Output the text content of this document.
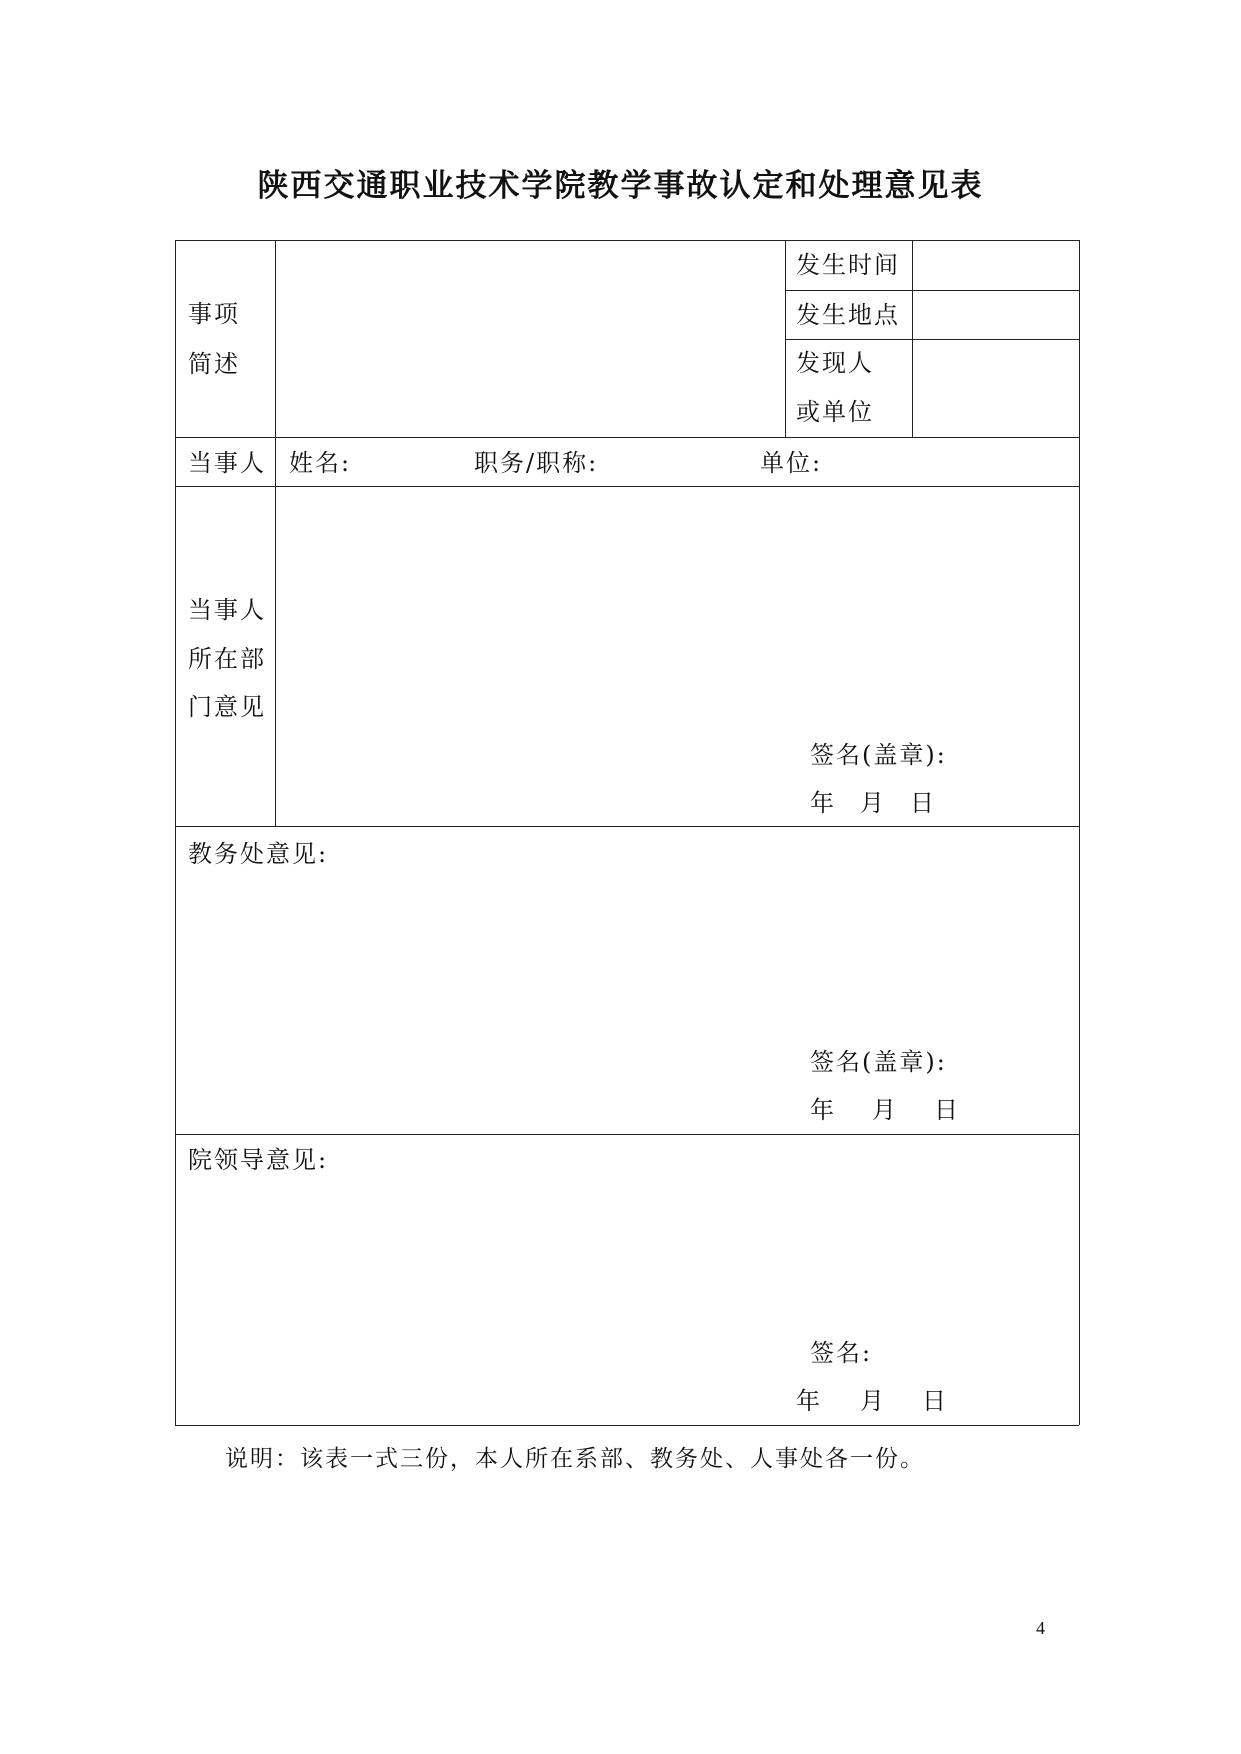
陕西交通职业技术学院教学事故认定和处理意见表
事项
简述
发生时间
发生地点
发现人
或单位
当事人 姓名:	职务/职称:	单位:
当事人
所在部
门意见
签名(盖章):
年 月 日
教务处意见:
签名(盖章):
年 月 日
院领导意见:
签名:
年 月 日
说明：该表一式三份，本人所在系部、教务处、人事处各一份。
4
